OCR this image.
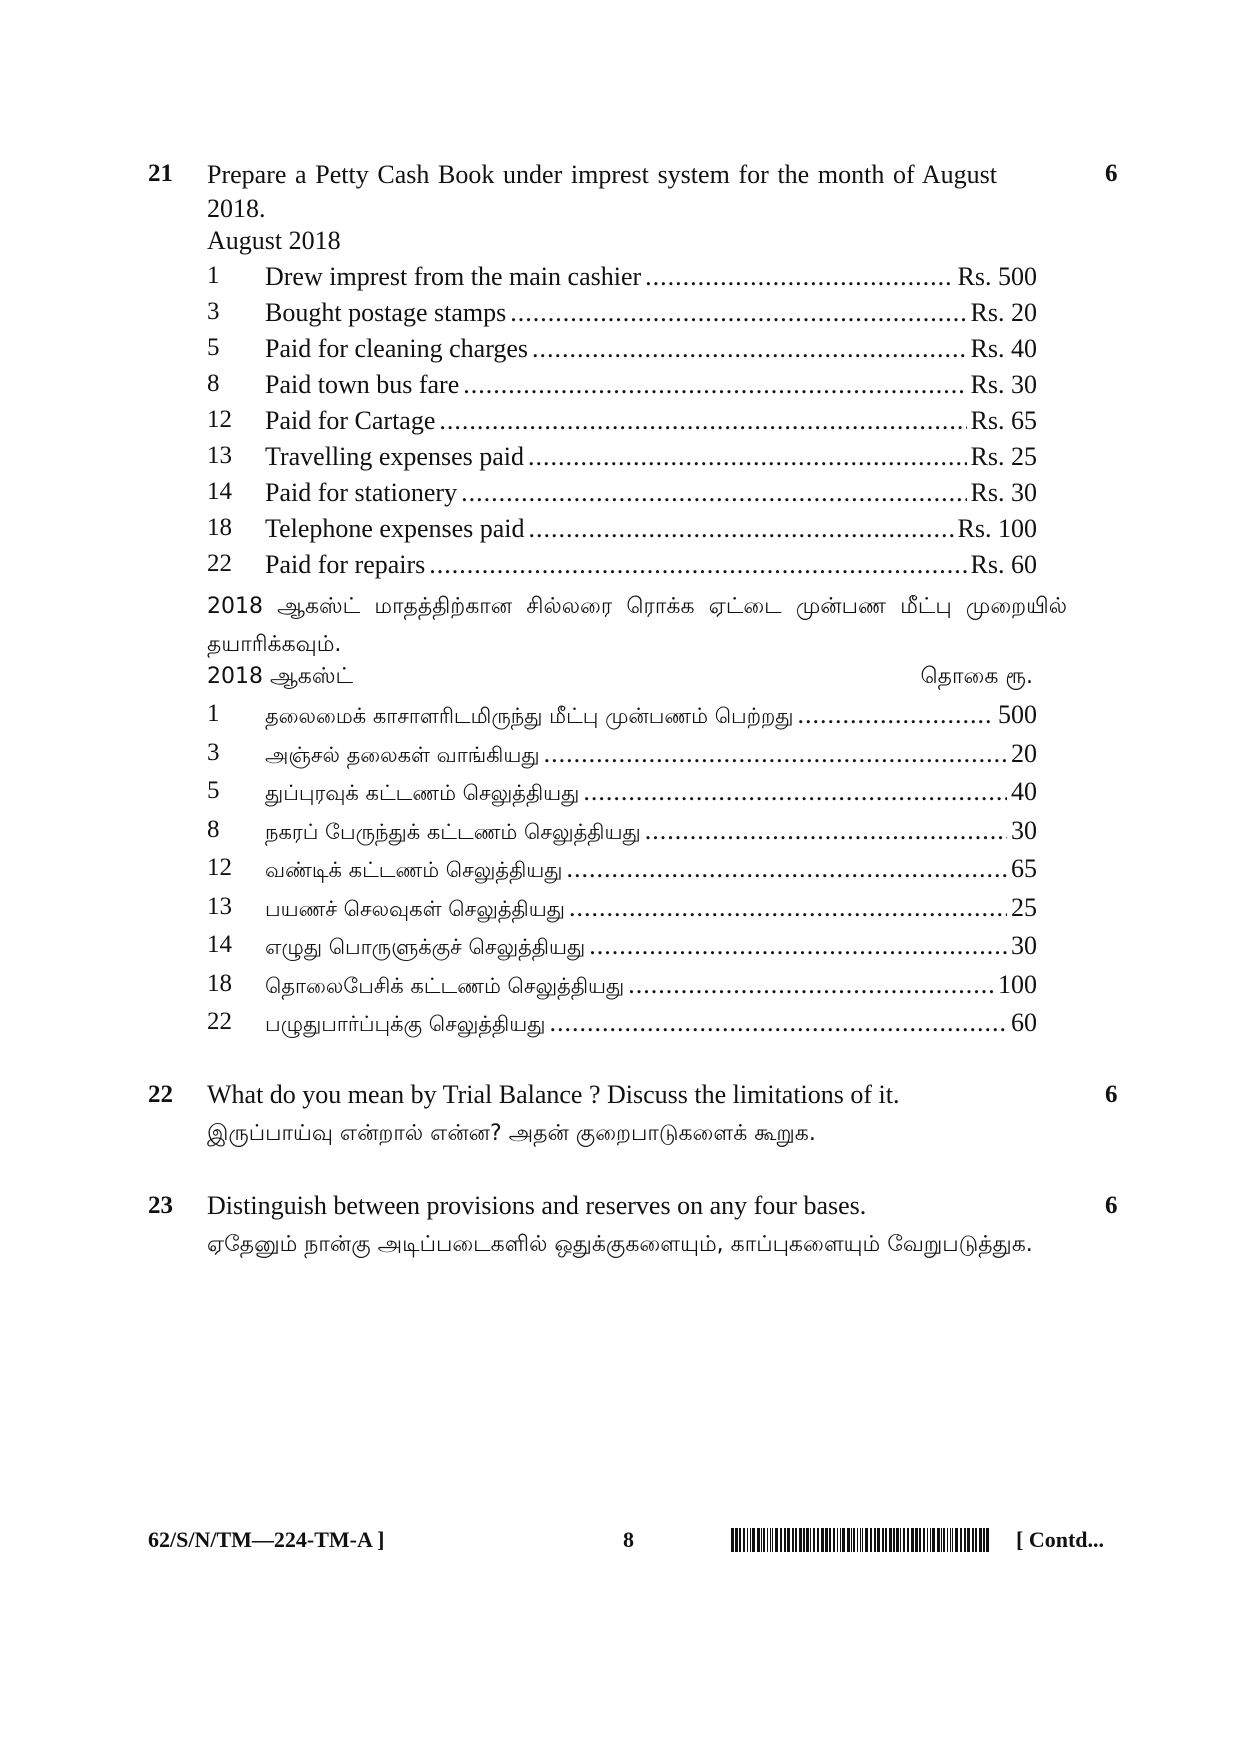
21	6
Prepare a Petty Cash Book under imprest system for the month of August 2018.
August 2018
1	Drew imprest from the main cashier .....	Rs. 500
3	Bought postage stamps .....	Rs. 20
5	Paid for cleaning charges .....	Rs. 40
8	Paid town bus fare .....	Rs. 30
12	Paid for Cartage .....	Rs. 65
13	Travelling expenses paid .....	Rs. 25
14	Paid for stationery .....	Rs. 30
18	Telephone expenses paid .....	Rs. 100
22	Paid for repairs .....	Rs. 60
2018 ஆகஸ்ட் மாதத்திற்கான சில்லரை ரொக்க ஏட்டை முன்பண மீட்பு முறையில் தயாரிக்கவும்.
2018 ஆகஸ்ட்	தொகை ரூ.
1	தலைமைக் காசாளரிடமிருந்து மீட்பு முன்பணம் பெற்றது .....	500
3	அஞ்சல் தலைகள் வாங்கியது .....	20
5	துப்புரவுக் கட்டணம் செலுத்தியது .....	40
8	நகரப் பேருந்துக் கட்டணம் செலுத்தியது .....	30
12	வண்டிக் கட்டணம் செலுத்தியது .....	65
13	பயணச் செலவுகள் செலுத்தியது .....	25
14	எழுது பொருளுக்குச் செலுத்தியது .....	30
18	தொலைபேசிக் கட்டணம் செலுத்தியது .....	100
22	பழுதுபார்ப்புக்கு செலுத்தியது .....	60
22	6
What do you mean by Trial Balance ? Discuss the limitations of it.
இருப்பாய்வு என்றால் என்ன? அதன் குறைபாடுகளைக் கூறுக.
23	6
Distinguish between provisions and reserves on any four bases.
ஏதேனும் நான்கு அடிப்படைகளில் ஒதுக்குகளையும், காப்புகளையும் வேறுபடுத்துக.
62/S/N/TM—224-TM-A ]	8	[ Contd...
